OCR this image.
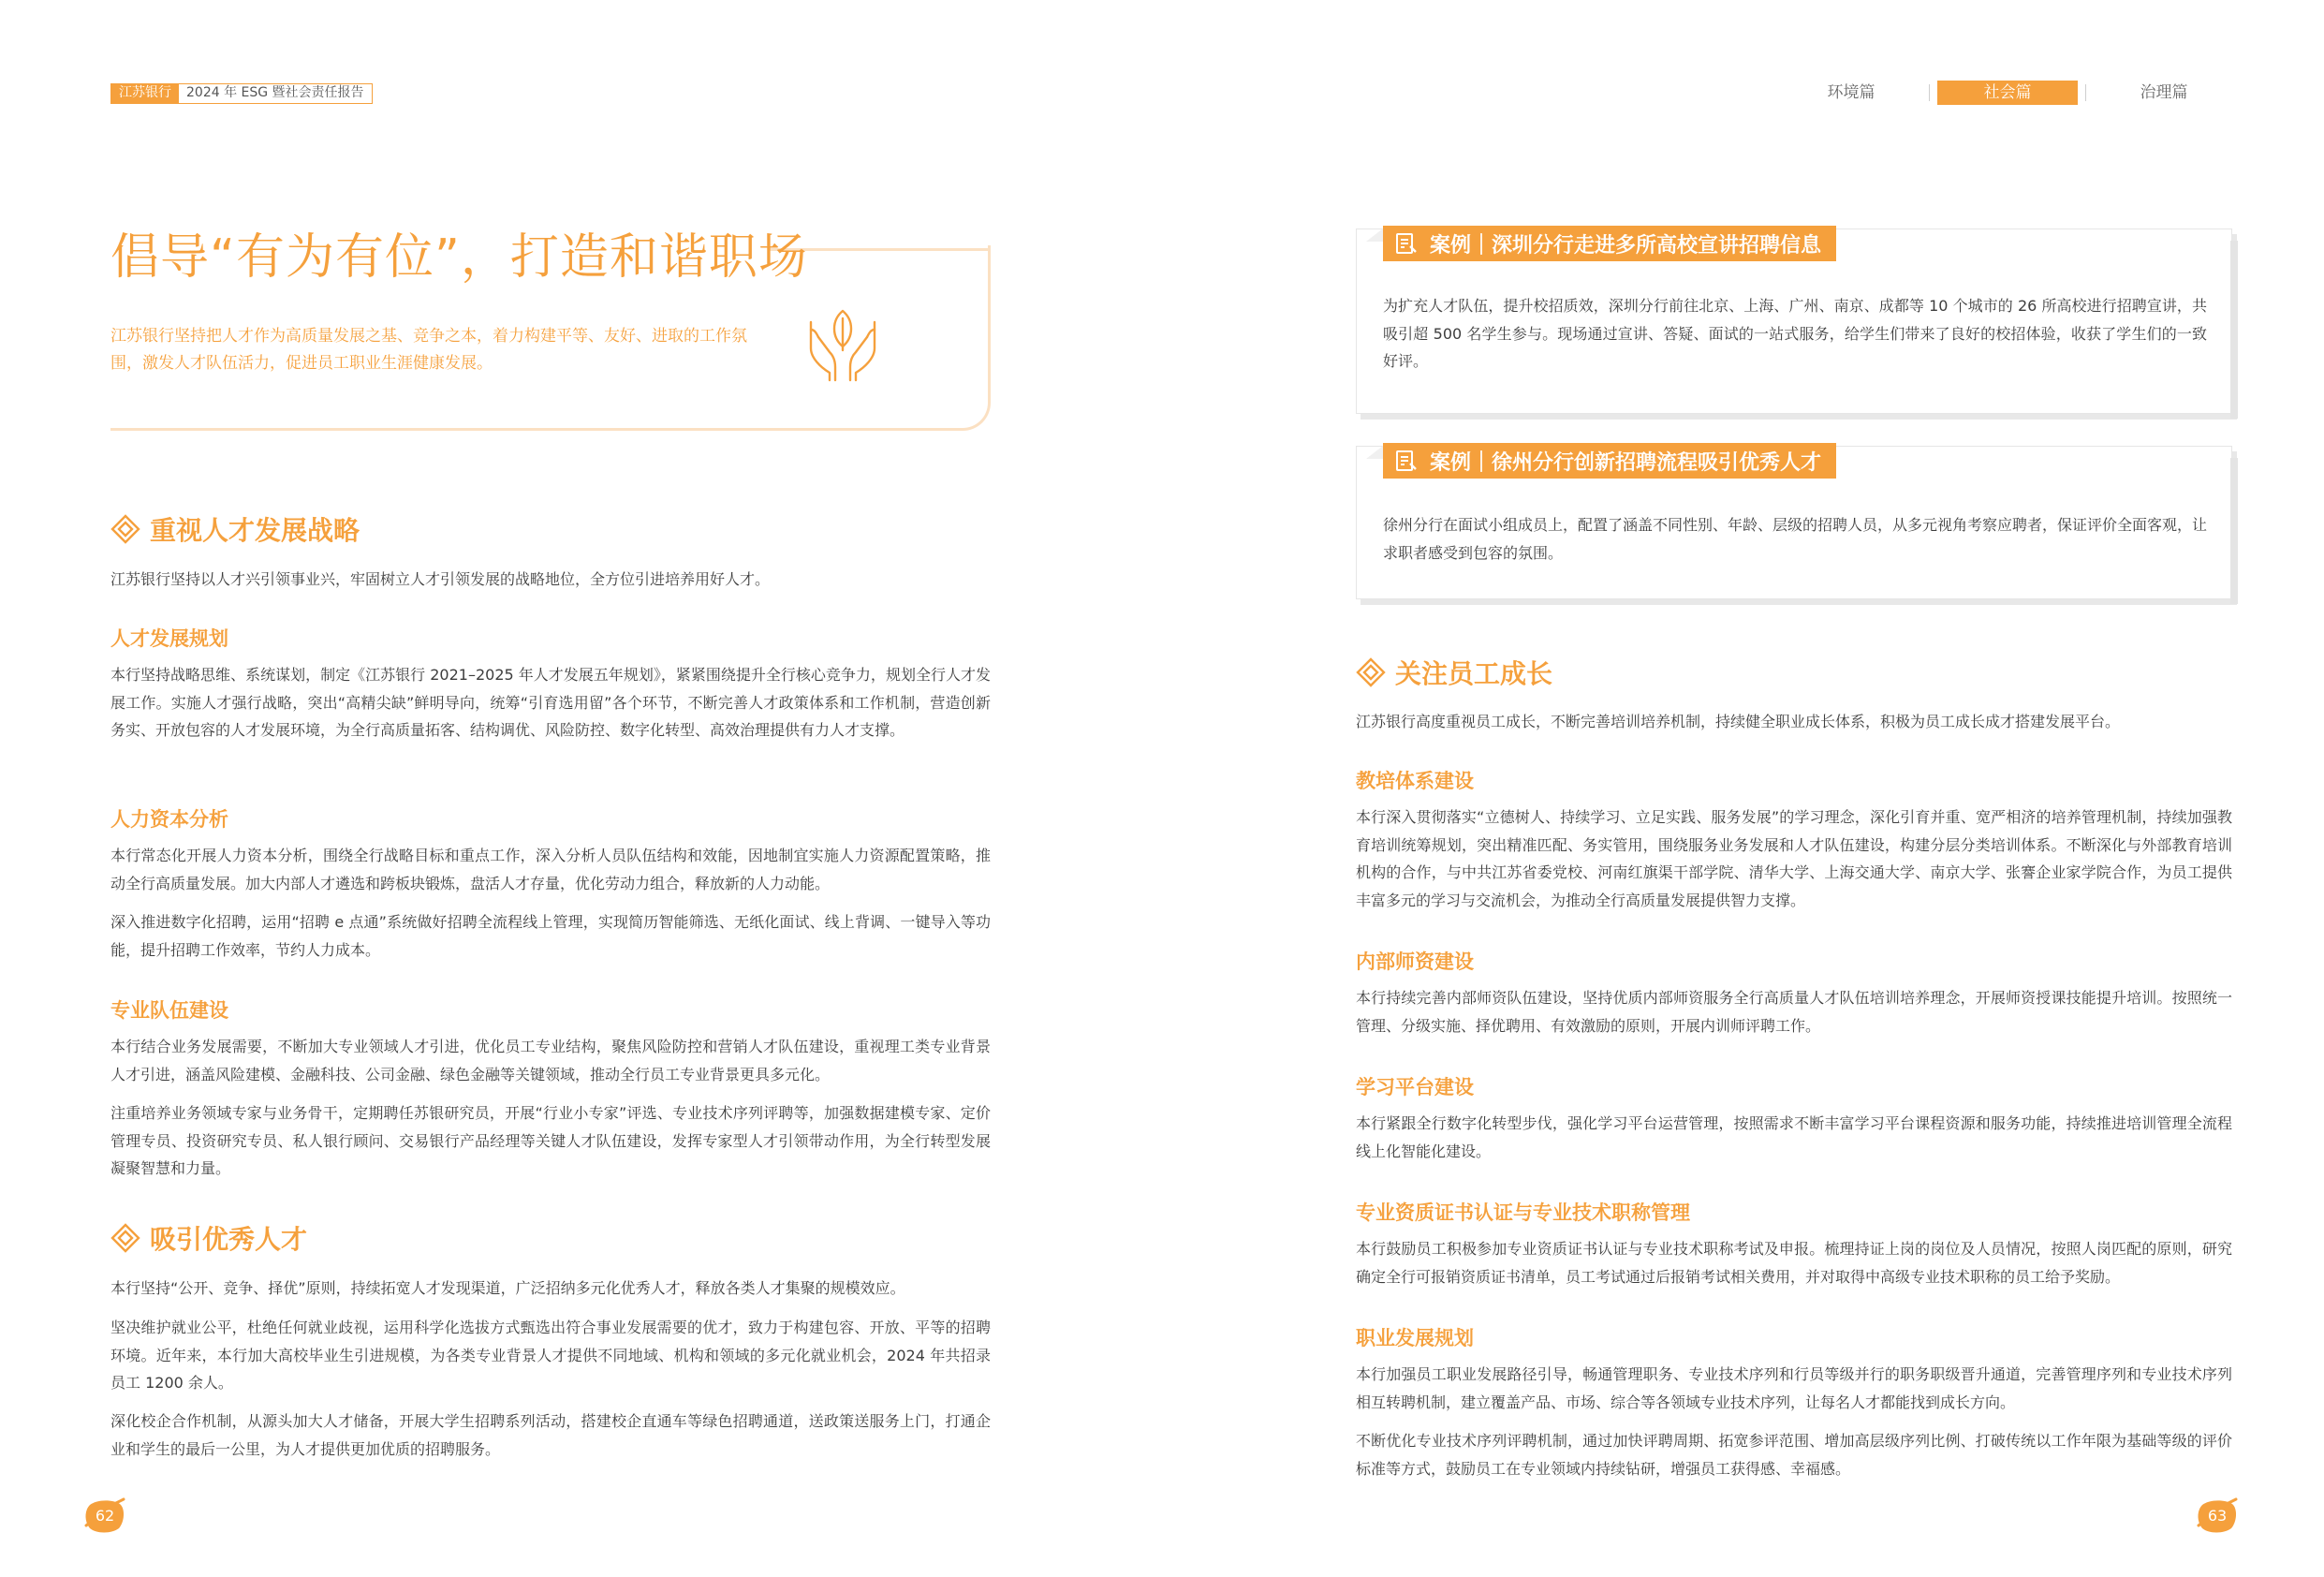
江苏银行	2024 年 ESG 暨社会责任报告	环境篇	社会篇	治理篇
倡导“有为有位”，打造和谐职场
江苏银行坚持把人才作为高质量发展之基、竞争之本，着力构建平等、友好、进取的工作氛围，激发人才队伍活力，促进员工职业生涯健康发展。
重视人才发展战略
江苏银行坚持以人才兴引领事业兴，牢固树立人才引领发展的战略地位，全方位引进培养用好人才。
人才发展规划
本行坚持战略思维、系统谋划，制定《江苏银行 2021–2025 年人才发展五年规划》，紧紧围绕提升全行核心竞争力，规划全行人才发展工作。实施人才强行战略，突出“高精尖缺”鲜明导向，统筹“引育选用留”各个环节，不断完善人才政策体系和工作机制，营造创新务实、开放包容的人才发展环境，为全行高质量拓客、结构调优、风险防控、数字化转型、高效治理提供有力人才支撑。
人力资本分析
本行常态化开展人力资本分析，围绕全行战略目标和重点工作，深入分析人员队伍结构和效能，因地制宜实施人力资源配置策略，推动全行高质量发展。加大内部人才遴选和跨板块锻炼，盘活人才存量，优化劳动力组合，释放新的人力动能。
深入推进数字化招聘，运用“招聘 e 点通”系统做好招聘全流程线上管理，实现简历智能筛选、无纸化面试、线上背调、一键导入等功能，提升招聘工作效率，节约人力成本。
专业队伍建设
本行结合业务发展需要，不断加大专业领域人才引进，优化员工专业结构，聚焦风险防控和营销人才队伍建设，重视理工类专业背景人才引进，涵盖风险建模、金融科技、公司金融、绿色金融等关键领域，推动全行员工专业背景更具多元化。
注重培养业务领域专家与业务骨干，定期聘任苏银研究员，开展“行业小专家”评选、专业技术序列评聘等，加强数据建模专家、定价管理专员、投资研究专员、私人银行顾问、交易银行产品经理等关键人才队伍建设，发挥专家型人才引领带动作用，为全行转型发展凝聚智慧和力量。
吸引优秀人才
本行坚持“公开、竞争、择优”原则，持续拓宽人才发现渠道，广泛招纳多元化优秀人才，释放各类人才集聚的规模效应。
坚决维护就业公平，杜绝任何就业歧视，运用科学化选拔方式甄选出符合事业发展需要的优才，致力于构建包容、开放、平等的招聘环境。近年来，本行加大高校毕业生引进规模，为各类专业背景人才提供不同地域、机构和领域的多元化就业机会，2024 年共招录员工 1200 余人。
深化校企合作机制，从源头加大人才储备，开展大学生招聘系列活动，搭建校企直通车等绿色招聘通道，送政策送服务上门，打通企业和学生的最后一公里，为人才提供更加优质的招聘服务。
62
案例｜深圳分行走进多所高校宣讲招聘信息
为扩充人才队伍，提升校招质效，深圳分行前往北京、上海、广州、南京、成都等 10 个城市的 26 所高校进行招聘宣讲，共吸引超 500 名学生参与。现场通过宣讲、答疑、面试的一站式服务，给学生们带来了良好的校招体验，收获了学生们的一致好评。
案例｜徐州分行创新招聘流程吸引优秀人才
徐州分行在面试小组成员上，配置了涵盖不同性别、年龄、层级的招聘人员，从多元视角考察应聘者，保证评价全面客观，让求职者感受到包容的氛围。
关注员工成长
江苏银行高度重视员工成长，不断完善培训培养机制，持续健全职业成长体系，积极为员工成长成才搭建发展平台。
教培体系建设
本行深入贯彻落实“立德树人、持续学习、立足实践、服务发展”的学习理念，深化引育并重、宽严相济的培养管理机制，持续加强教育培训统筹规划，突出精准匹配、务实管用，围绕服务业务发展和人才队伍建设，构建分层分类培训体系。不断深化与外部教育培训机构的合作，与中共江苏省委党校、河南红旗渠干部学院、清华大学、上海交通大学、南京大学、张謇企业家学院合作，为员工提供丰富多元的学习与交流机会，为推动全行高质量发展提供智力支撑。
内部师资建设
本行持续完善内部师资队伍建设，坚持优质内部师资服务全行高质量人才队伍培训培养理念，开展师资授课技能提升培训。按照统一管理、分级实施、择优聘用、有效激励的原则，开展内训师评聘工作。
学习平台建设
本行紧跟全行数字化转型步伐，强化学习平台运营管理，按照需求不断丰富学习平台课程资源和服务功能，持续推进培训管理全流程线上化智能化建设。
专业资质证书认证与专业技术职称管理
本行鼓励员工积极参加专业资质证书认证与专业技术职称考试及申报。梳理持证上岗的岗位及人员情况，按照人岗匹配的原则，研究确定全行可报销资质证书清单，员工考试通过后报销考试相关费用，并对取得中高级专业技术职称的员工给予奖励。
职业发展规划
本行加强员工职业发展路径引导，畅通管理职务、专业技术序列和行员等级并行的职务职级晋升通道，完善管理序列和专业技术序列相互转聘机制，建立覆盖产品、市场、综合等各领域专业技术序列，让每名人才都能找到成长方向。
不断优化专业技术序列评聘机制，通过加快评聘周期、拓宽参评范围、增加高层级序列比例、打破传统以工作年限为基础等级的评价标准等方式，鼓励员工在专业领域内持续钻研，增强员工获得感、幸福感。
63
